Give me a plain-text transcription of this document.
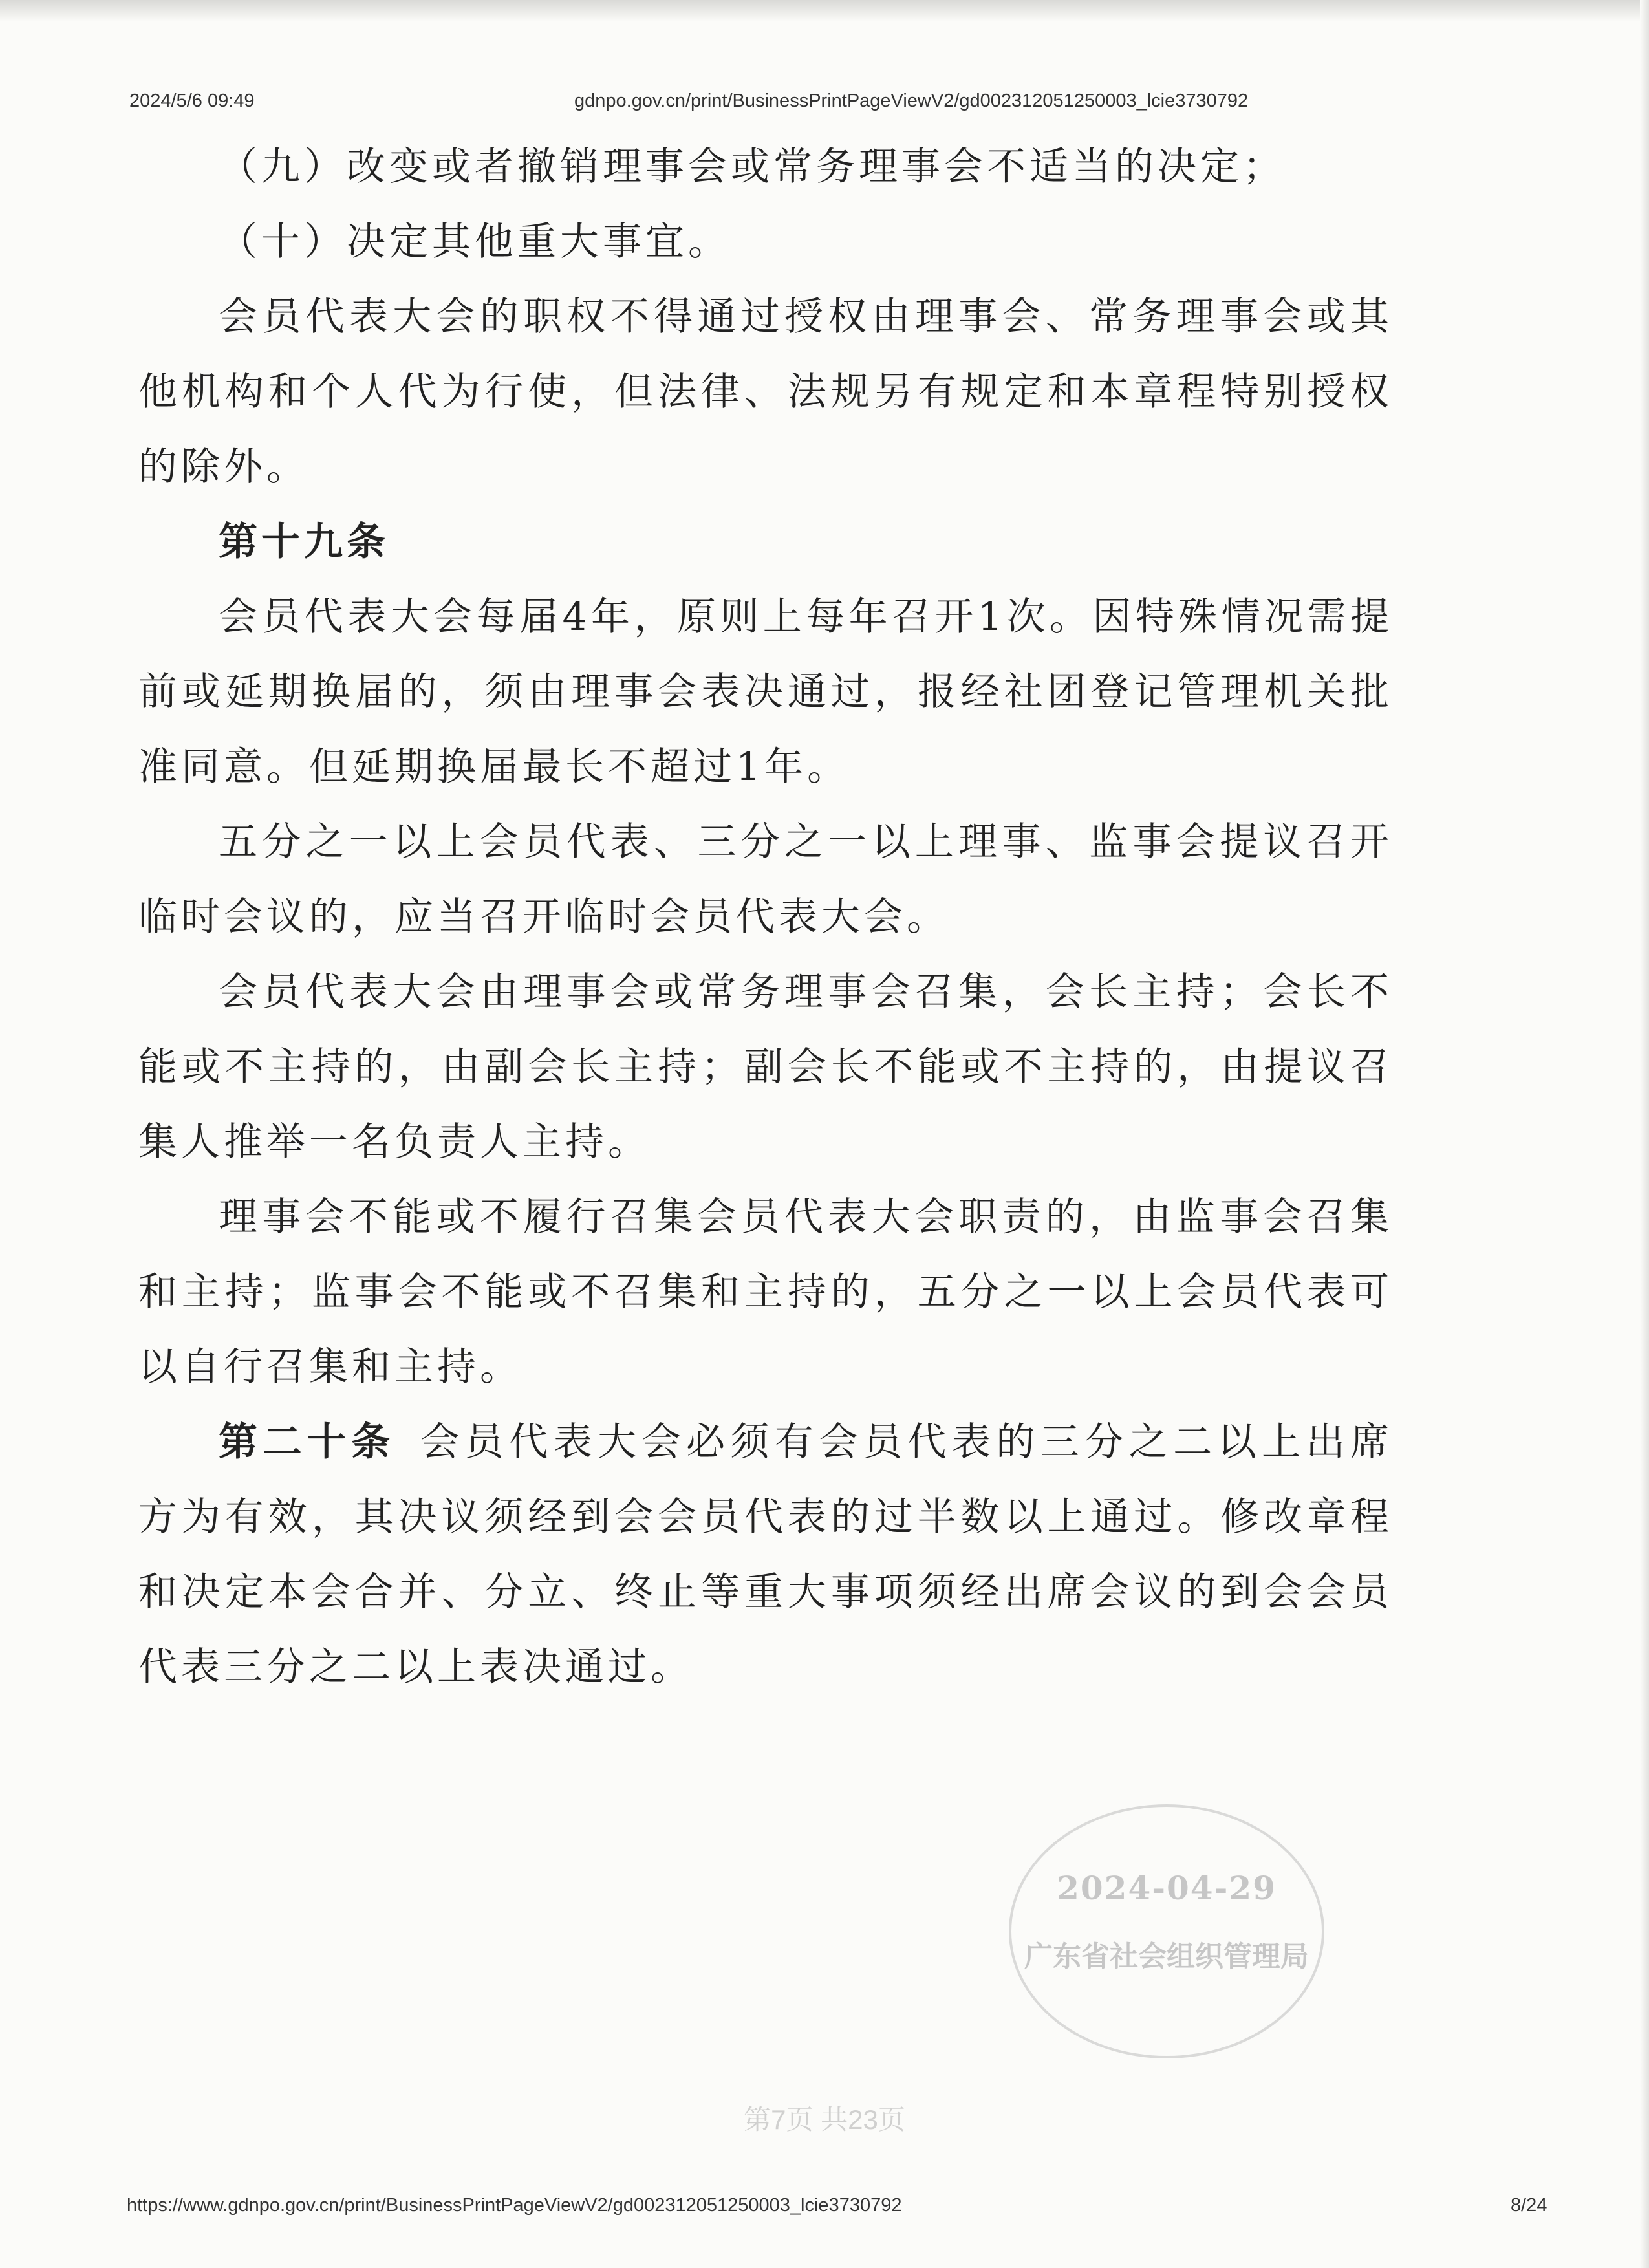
2024/5/6 09:49	gdnpo.gov.cn/print/BusinessPrintPageViewV2/gd002312051250003_lcie3730792

（九）改变或者撤销理事会或常务理事会不适当的决定；

（十）决定其他重大事宜。

会员代表大会的职权不得通过授权由理事会、常务理事会或其他机构和个人代为行使，但法律、法规另有规定和本章程特别授权的除外。

第十九条

会员代表大会每届4年，原则上每年召开1次。因特殊情况需提前或延期换届的，须由理事会表决通过，报经社团登记管理机关批准同意。但延期换届最长不超过1年。

五分之一以上会员代表、三分之一以上理事、监事会提议召开临时会议的，应当召开临时会员代表大会。

会员代表大会由理事会或常务理事会召集，会长主持；会长不能或不主持的，由副会长主持；副会长不能或不主持的，由提议召集人推举一名负责人主持。

理事会不能或不履行召集会员代表大会职责的，由监事会召集和主持；监事会不能或不召集和主持的，五分之一以上会员代表可以自行召集和主持。

第二十条  会员代表大会必须有会员代表的三分之二以上出席方为有效，其决议须经到会会员代表的过半数以上通过。修改章程和决定本会合并、分立、终止等重大事项须经出席会议的到会会员代表三分之二以上表决通过。

2024-04-29
广东省社会组织管理局
第7页 共23页
https://www.gdnpo.gov.cn/print/BusinessPrintPageViewV2/gd002312051250003_lcie3730792	8/24
